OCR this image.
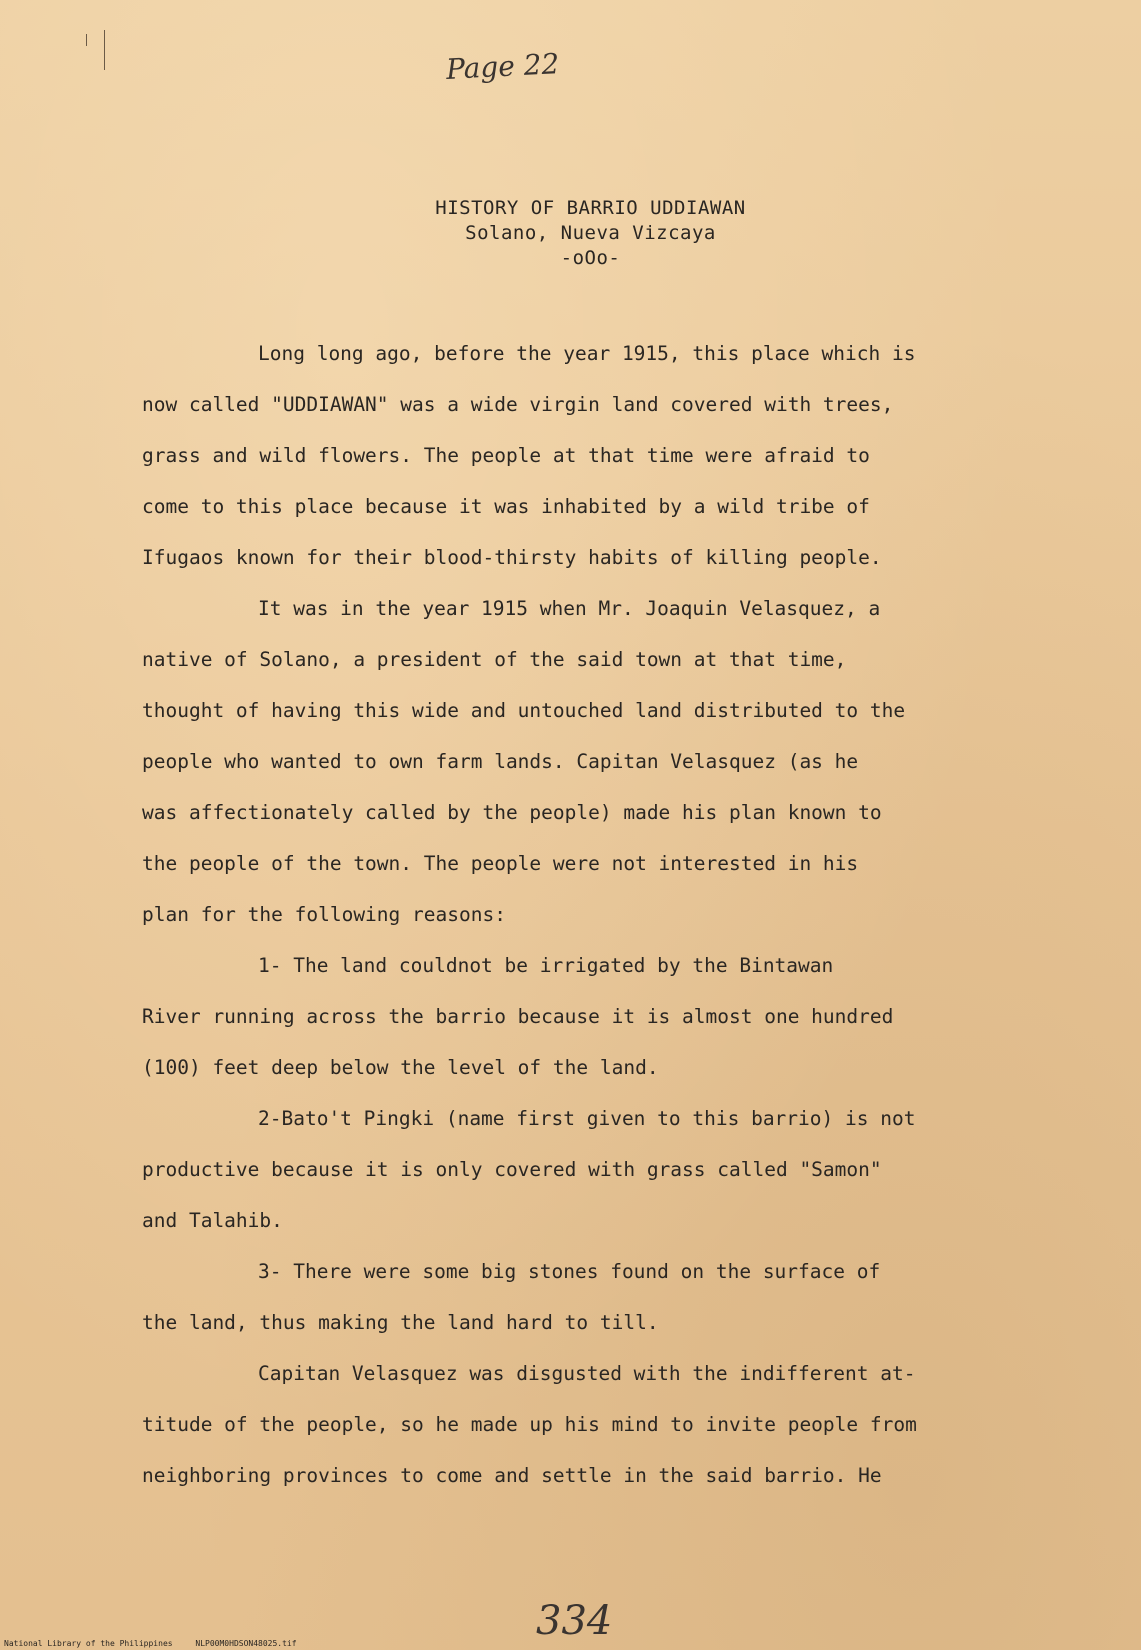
Page 22
HISTORY OF BARRIO UDDIAWAN
Solano, Nueva Vizcaya
-oOo-
Long long ago, before the year 1915, this place which is
now called "UDDIAWAN" was a wide virgin land covered with trees,
grass and wild flowers. The people at that time were afraid to
come to this place because it was inhabited by a wild tribe of
Ifugaos known for their blood-thirsty habits of killing people.
It was in the year 1915 when Mr. Joaquin Velasquez, a
native of Solano, a president of the said town at that time,
thought of having this wide and untouched land distributed to the
people who wanted to own farm lands. Capitan Velasquez (as he
was affectionately called by the people) made his plan known to
the people of the town. The people were not interested in his
plan for the following reasons:
1- The land couldnot be irrigated by the Bintawan
River running across the barrio because it is almost one hundred
(100) feet deep below the level of the land.
2-Bato't Pingki (name first given to this barrio) is not
productive because it is only covered with grass called "Samon"
and Talahib.
3- There were some big stones found on the surface of
the land, thus making the land hard to till.
Capitan Velasquez was disgusted with the indifferent at-
titude of the people, so he made up his mind to invite people from
neighboring provinces to come and settle in the said barrio. He
334
National Library of the Philippines	NLP00M0HDSON48025.tif
